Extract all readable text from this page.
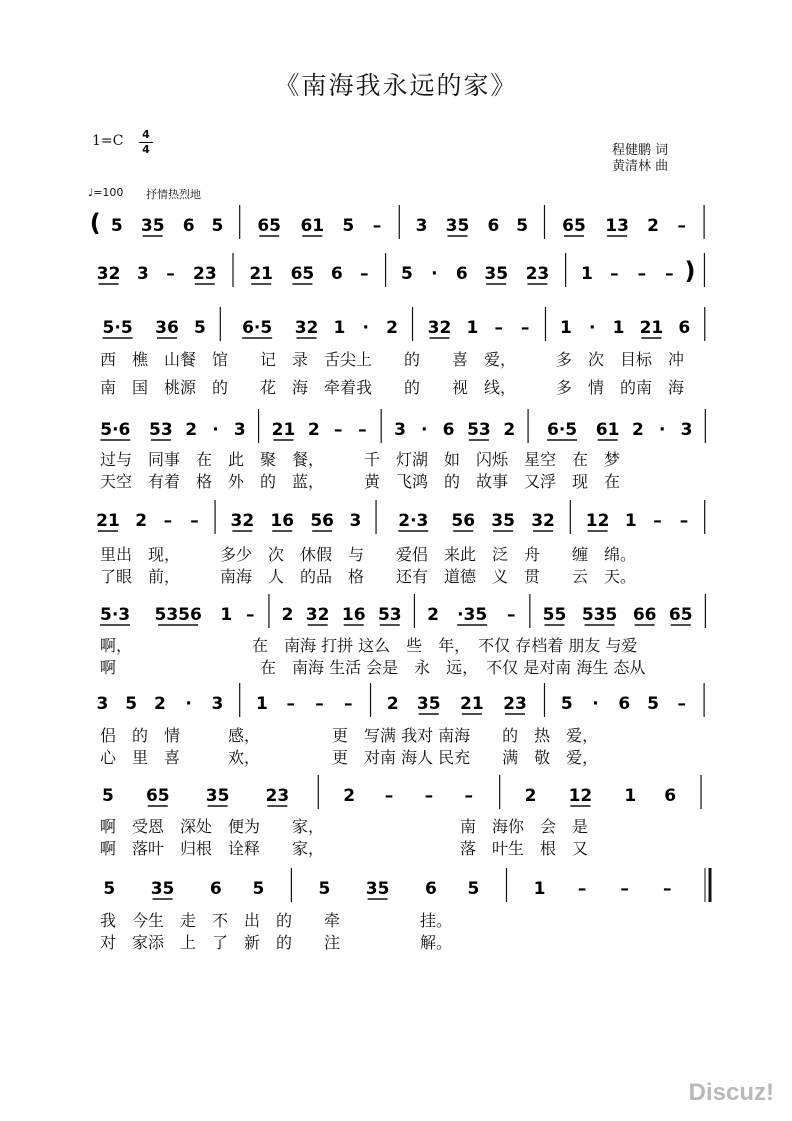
《南海我永远的家》
1=C 4
4	程健鹏 词
黄清林 曲
♩=100 抒情热烈地
( 5 35 6 5 65 61 5 – 3 35 6 5 65 13 2 –
32 3 – 23 21 65 6 – 5 · 6 35 23 1 – – – )
5·5 36 5 6·5 32 1 · 2 32 1 – – 1 · 1 21 6
5·6 53 2 · 3 21 2 – – 3 · 6 53 2 6·5 61 2 · 3
21 2 – – 32 16 56 3 2·3 56 35 32 12 1 – –
5·3 5356 1 – 2 32 16 53 2 ·35 – 55 535 66 65
3 5 2 · 3 1 – – – 2 35 21 23 5 · 6 5 –
5 65 35 23	2 – – –	2 12 1 6
5 35 6 5	5 35 6 5	1 – – –
西　樵　山餐　馆　　记　录　舌尖上　　的　　喜　爱，　　　多　次　目标　冲
南　国　桃源　的　　花　海　牵着我　　的　　视　线，　　　多　情　的南　海
过与　同事　在　此　聚　餐，　　　千　灯湖　如　闪烁　星空　在　梦
天空　有着　格　外　的　蓝，　　　黄　飞鸿　的　故事　又浮　现　在
里出　现，　　　多少　次　休假　与　　爱侣　来此　泛　舟　　缠　绵。
了眼　前，　　　南海　人　的品　格　　还有　道德　义　贯　　云　天。
啊，　　　　　　　　在　南海 打拼 这么　些　年，　不仅 存档着 朋友 与爱
啊　　　　　　　　　在　南海 生活 会是　永　远，　不仅 是对南 海生 态从
侣　的　情　　　感，　　　　　更　写满 我对 南海　　的　热　爱，
心　里　喜　　　欢，　　　　　更　对南 海人 民充　　满　敬　爱，
啊　受恩　深处　便为　　家，　　　　　　　　　南　海你　会　是
啊　落叶　归根　诠释　　家，　　　　　　　　　落　叶生　根　又
我　今生　走　不　出　的　　牵　　　　　挂。
对　家添　上　了　新　的　　注　　　　　解。
Discuz!
